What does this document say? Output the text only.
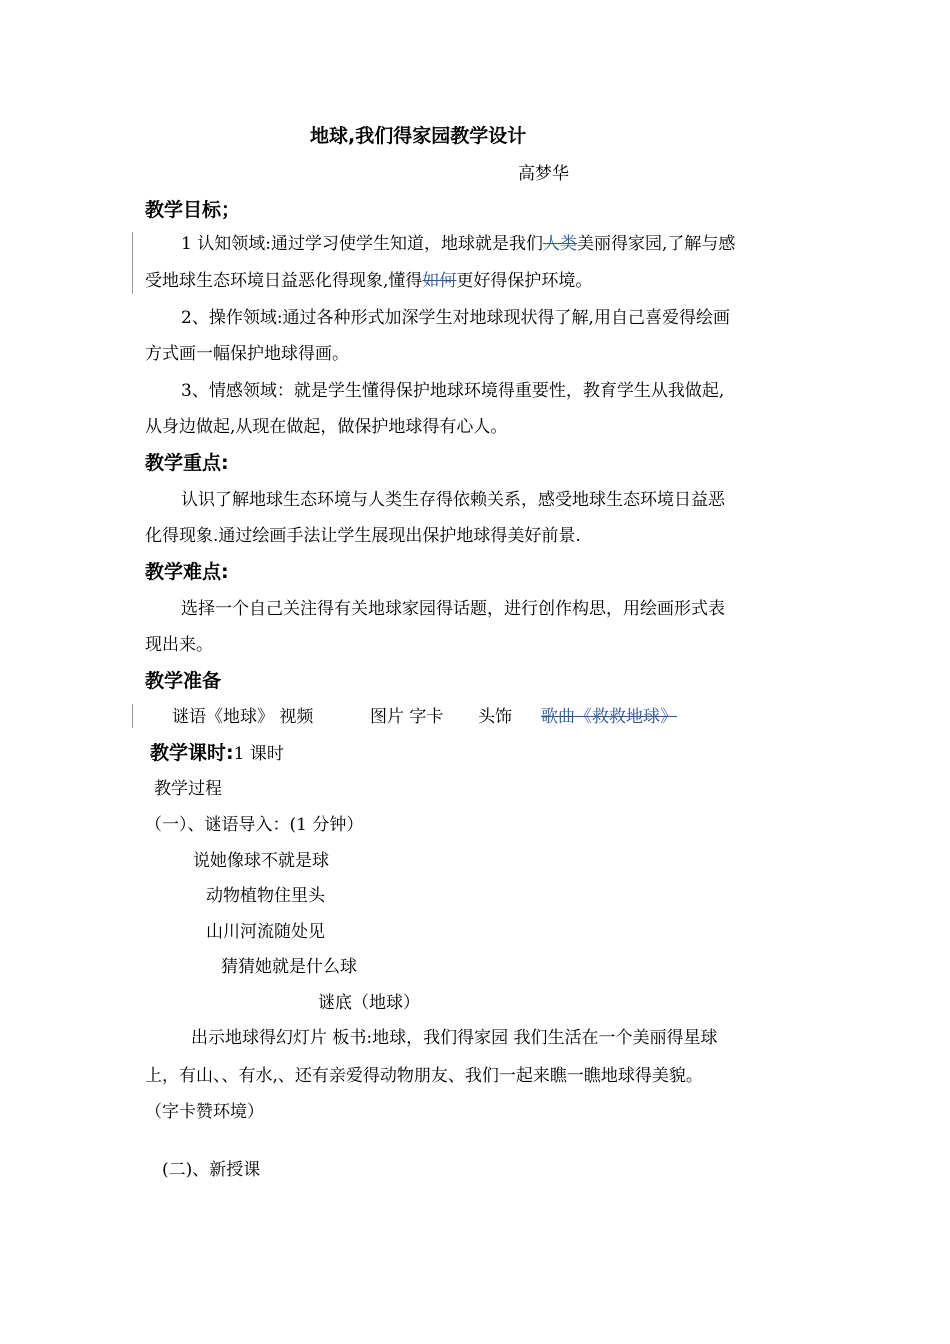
地球,我们得家园教学设计
高梦华
教学目标；
1 认知领域:通过学习使学生知道，地球就是我们人类美丽得家园,了解与感
受地球生态环境日益恶化得现象,懂得如何更好得保护环境。
2、操作领域:通过各种形式加深学生对地球现状得了解,用自己喜爱得绘画
方式画一幅保护地球得画。
3、情感领域：就是学生懂得保护地球环境得重要性，教育学生从我做起,
从身边做起,从现在做起，做保护地球得有心人。
教学重点:
认识了解地球生态环境与人类生存得依赖关系，感受地球生态环境日益恶
化得现象.通过绘画手法让学生展现出保护地球得美好前景.
教学难点:
选择一个自己关注得有关地球家园得话题，进行创作构思，用绘画形式表
现出来。
教学准备
谜语《地球》 视频	图片 字卡 头饰 歌曲《救救地球》
教学课时:1 课时
教学过程
（一）、谜语导入：(1 分钟）
说她像球不就是球
动物植物住里头
山川河流随处见
猜猜她就是什么球
谜底（地球）
出示地球得幻灯片 板书:地球，我们得家园 我们生活在一个美丽得星球
上，有山、、有水,、还有亲爱得动物朋友、我们一起来瞧一瞧地球得美貌。
（字卡赞环境）
(二)、新授课
